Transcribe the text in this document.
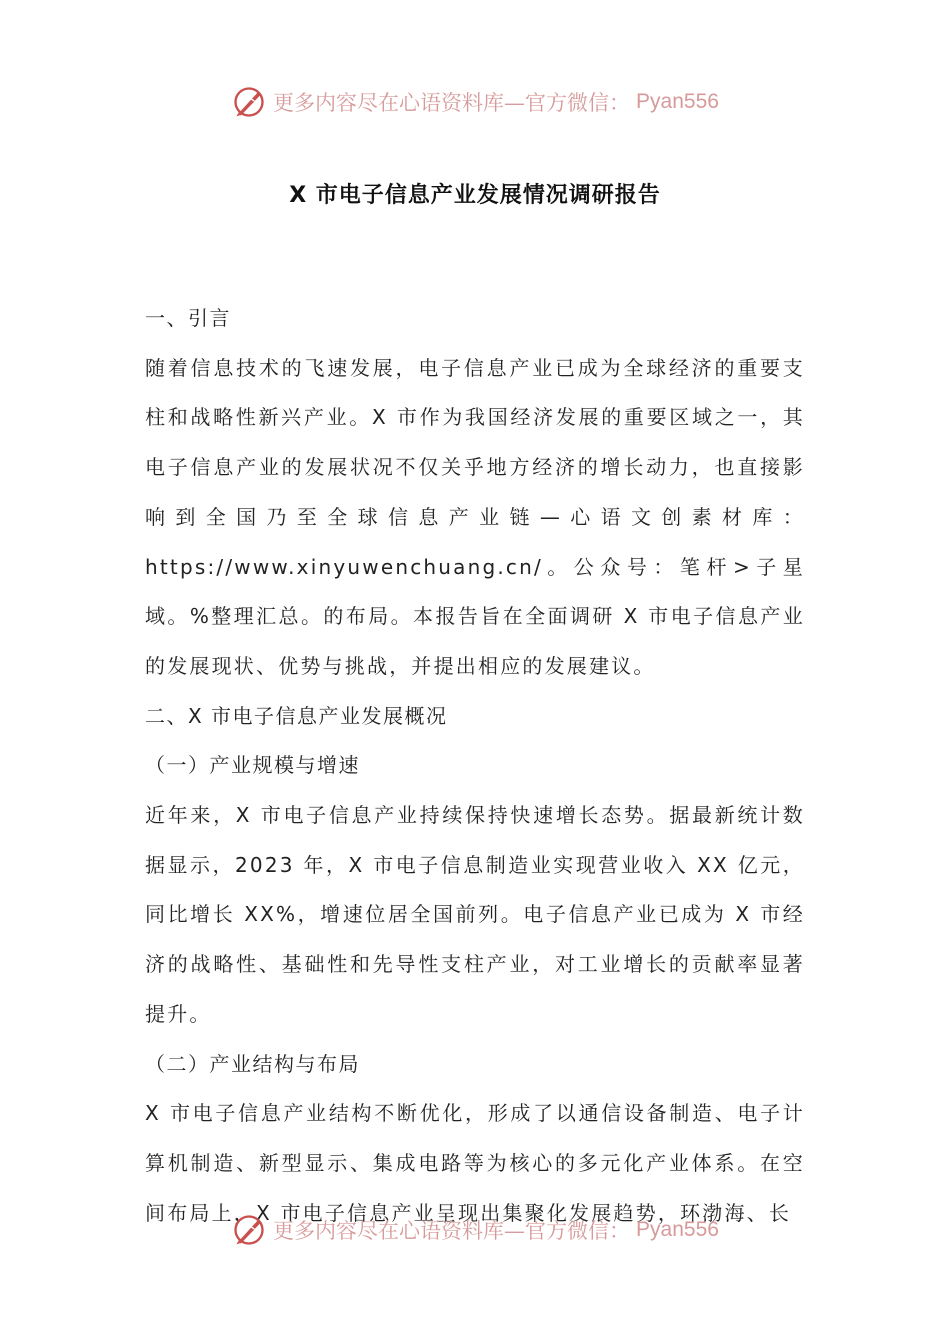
更多内容尽在心语资料库—官方微信： Pyan556
X 市电子信息产业发展情况调研报告

一、引言

随着信息技术的飞速发展，电子信息产业已成为全球经济的重要支柱和战略性新兴产业。X 市作为我国经济发展的重要区域之一，其电子信息产业的发展状况不仅关乎地方经济的增长动力，也直接影响到全国乃至全球信息产业链—心语文创素材库：https://www.xinyuwenchuang.cn/。公众号：笔杆>子星域。%整理汇总。的布局。本报告旨在全面调研 X 市电子信息产业的发展现状、优势与挑战，并提出相应的发展建议。

二、X 市电子信息产业发展概况

（一）产业规模与增速

近年来，X 市电子信息产业持续保持快速增长态势。据最新统计数据显示，2023 年，X 市电子信息制造业实现营业收入 XX 亿元，同比增长 XX%，增速位居全国前列。电子信息产业已成为 X 市经济的战略性、基础性和先导性支柱产业，对工业增长的贡献率显著提升。

（二）产业结构与布局

X 市电子信息产业结构不断优化，形成了以通信设备制造、电子计算机制造、新型显示、集成电路等为核心的多元化产业体系。在空间布局上，X 市电子信息产业呈现出集聚化发展趋势，环渤海、长

更多内容尽在心语资料库—官方微信： Pyan556
